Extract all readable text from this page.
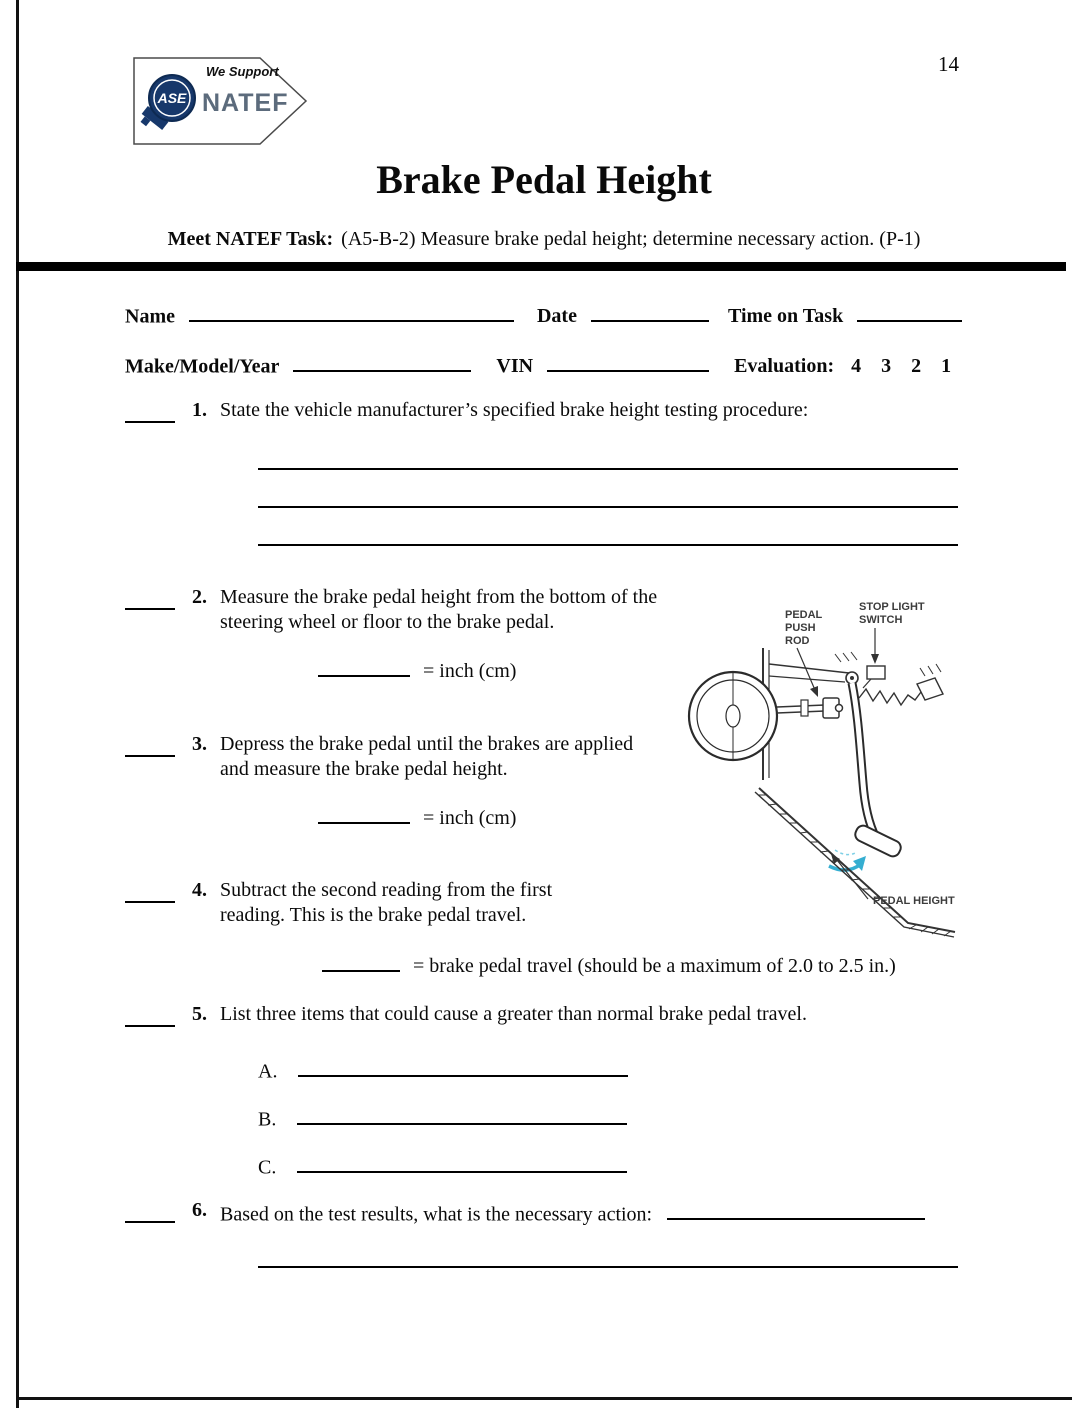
14
ASE
We Support
NATEF
Brake Pedal Height
Meet NATEF Task: (A5-B-2) Measure brake pedal height; determine necessary action. (P-1)
Name	Date	Time on Task
Make/Model/Year	VIN	Evaluation: 4    3    2    1
1. State the vehicle manufacturer’s specified brake height testing procedure:
2. Measure the brake pedal height from the bottom of the steering wheel or floor to the brake pedal.
= inch (cm)
3. Depress the brake pedal until the brakes are applied and measure the brake pedal height.
= inch (cm)
4. Subtract the second reading from the first reading. This is the brake pedal travel.
= brake pedal travel (should be a maximum of 2.0 to 2.5 in.)
5. List three items that could cause a greater than normal brake pedal travel.
A.
B.
C.
6. Based on the test results, what is the necessary action:
PEDAL
PUSH
ROD
STOP LIGHT
SWITCH
PEDAL HEIGHT
